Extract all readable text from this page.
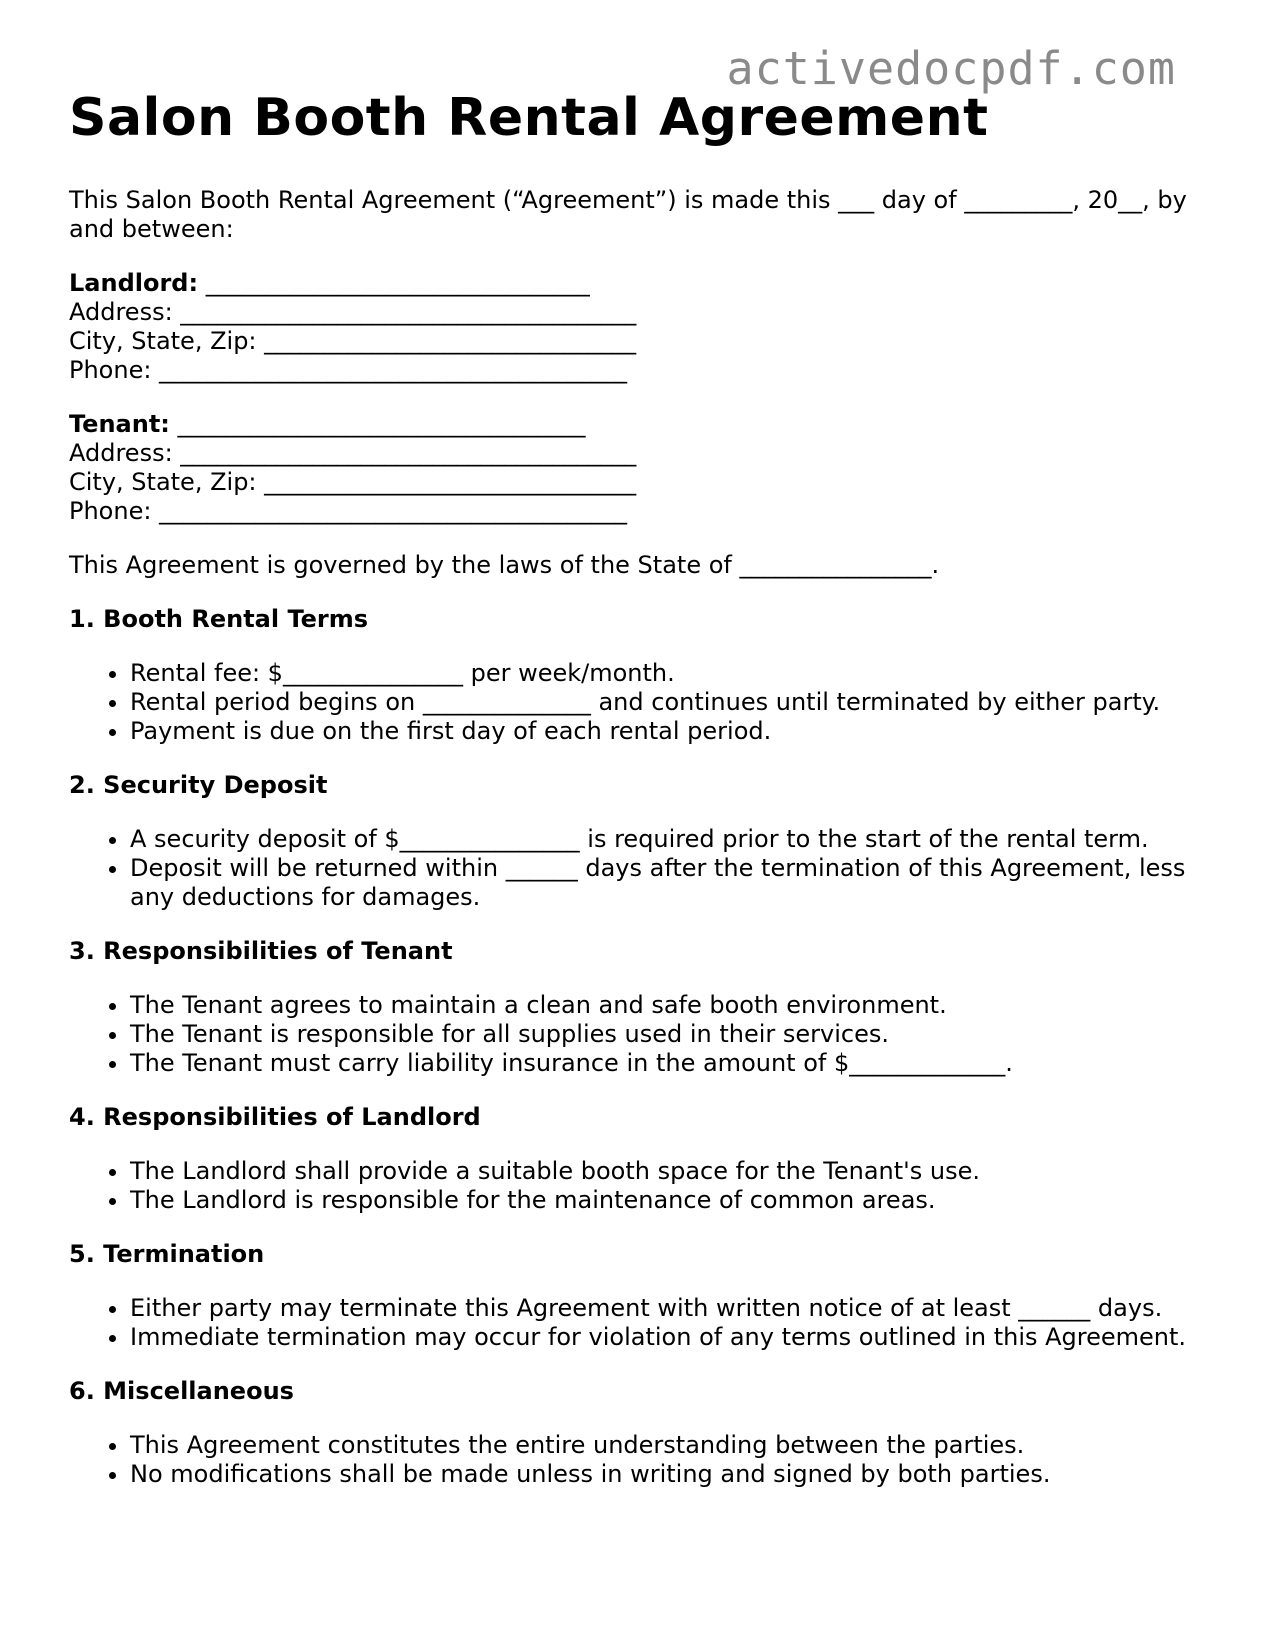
activedocpdf.com
Salon Booth Rental Agreement

This Salon Booth Rental Agreement (“Agreement”) is made this ___ day of _________, 20__, by and between:

Landlord: ________________________________
Address: ______________________________________
City, State, Zip: _______________________________
Phone: _______________________________________
Tenant: __________________________________
Address: ______________________________________
City, State, Zip: _______________________________
Phone: _______________________________________

This Agreement is governed by the laws of the State of ________________.

1. Booth Rental Terms
• Rental fee: $_______________ per week/month.
• Rental period begins on ______________ and continues until terminated by either party.
• Payment is due on the first day of each rental period.
2. Security Deposit
• A security deposit of $_______________ is required prior to the start of the rental term.
• Deposit will be returned within ______ days after the termination of this Agreement, less any deductions for damages.
3. Responsibilities of Tenant
• The Tenant agrees to maintain a clean and safe booth environment.
• The Tenant is responsible for all supplies used in their services.
• The Tenant must carry liability insurance in the amount of $_____________.
4. Responsibilities of Landlord
• The Landlord shall provide a suitable booth space for the Tenant's use.
• The Landlord is responsible for the maintenance of common areas.
5. Termination
• Either party may terminate this Agreement with written notice of at least ______ days.
• Immediate termination may occur for violation of any terms outlined in this Agreement.
6. Miscellaneous
• This Agreement constitutes the entire understanding between the parties.
• No modifications shall be made unless in writing and signed by both parties.
